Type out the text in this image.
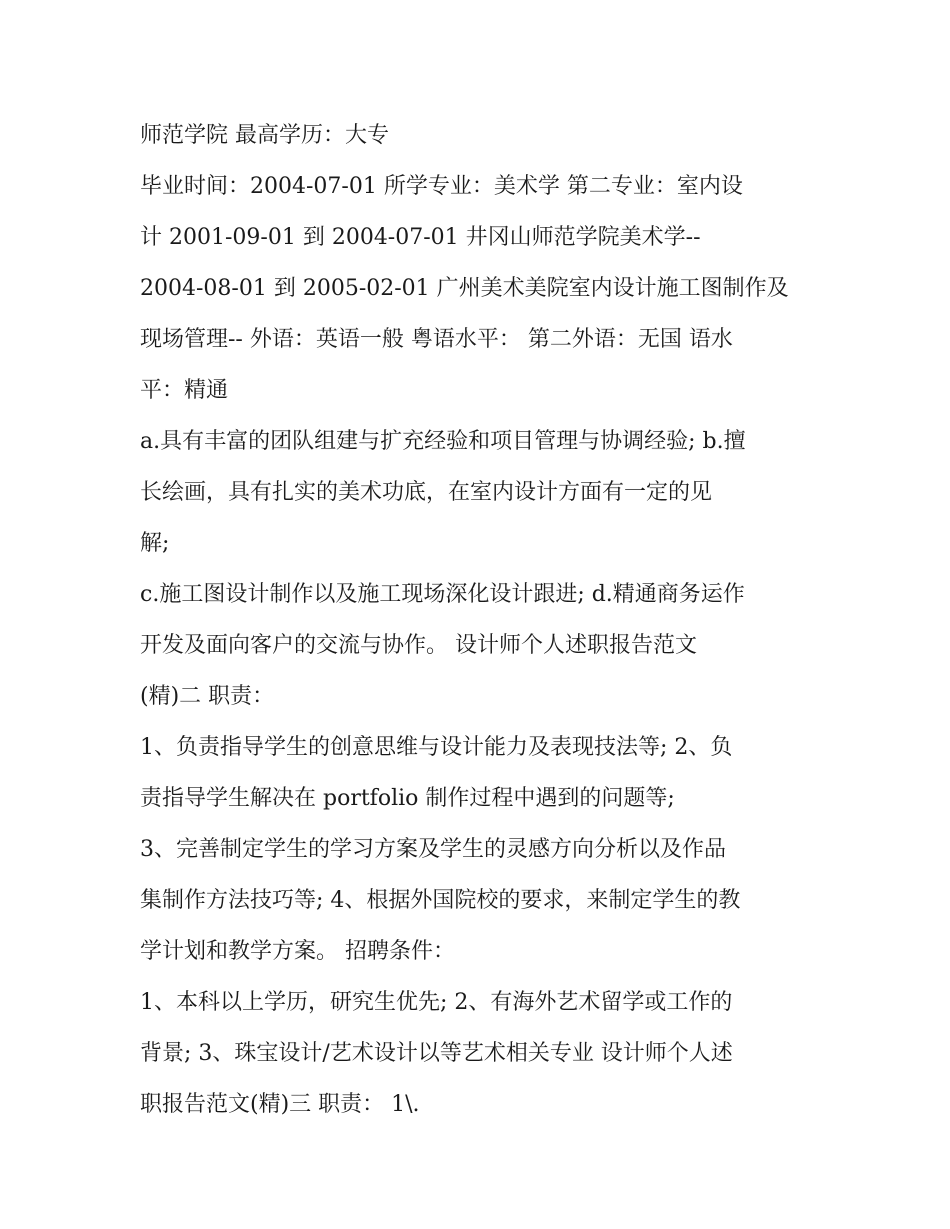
师范学院 最高学历：大专
毕业时间：2004-07-01 所学专业：美术学 第二专业：室内设
计 2001-09-01 到 2004-07-01 井冈山师范学院美术学--
2004-08-01 到 2005-02-01 广州美术美院室内设计施工图制作及
现场管理-- 外语：英语一般 粤语水平： 第二外语：无国 语水
平：精通
a.具有丰富的团队组建与扩充经验和项目管理与协调经验; b.擅
长绘画，具有扎实的美术功底，在室内设计方面有一定的见
解;
c.施工图设计制作以及施工现场深化设计跟进; d.精通商务运作
开发及面向客户的交流与协作。 设计师个人述职报告范文
(精)二 职责：
1、负责指导学生的创意思维与设计能力及表现技法等; 2、负
责指导学生解决在 portfolio 制作过程中遇到的问题等;
3、完善制定学生的学习方案及学生的灵感方向分析以及作品
集制作方法技巧等; 4、根据外国院校的要求，来制定学生的教
学计划和教学方案。 招聘条件：
1、本科以上学历，研究生优先; 2、有海外艺术留学或工作的
背景; 3、珠宝设计/艺术设计以等艺术相关专业 设计师个人述
职报告范文(精)三 职责： 1\.
